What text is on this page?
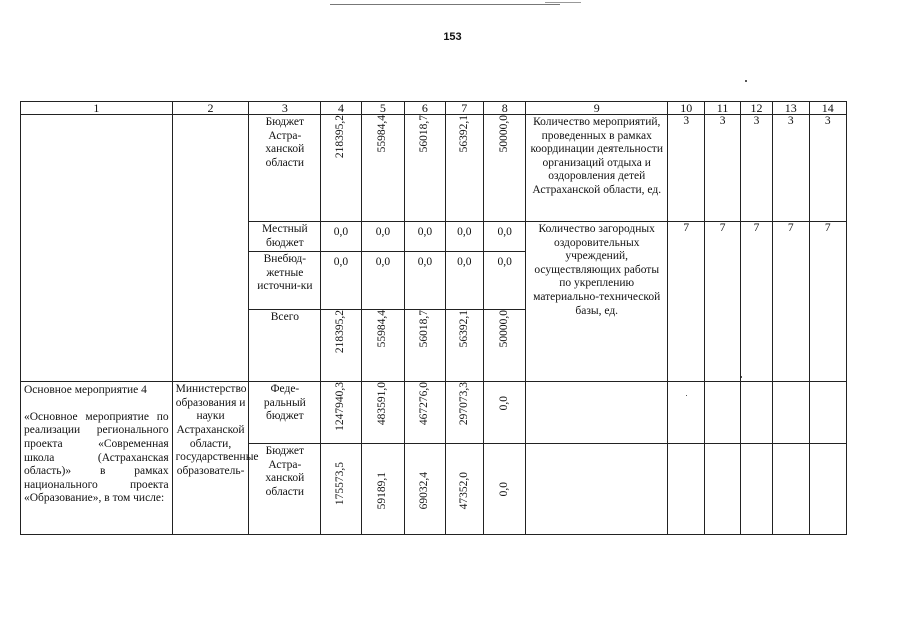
153
1	2	3	4	5	6	7	8	9	10	11	12	13	14
		Бюджет Астра-ханской области	218395,2	55984,4	56018,7	56392,1	50000,0	Количество мероприятий, проведенных в рамках координации деятельности организаций отдыха и оздоровления детей Астраханской области, ед.	3	3	3	3	3
		Местный бюджет	0,0	0,0	0,0	0,0	0,0	Количество загородных оздоровительных учреждений, осуществляющих работы по укреплению материально-технической базы, ед.	7	7	7	7	7
		Внебюд-жетные источни-ки	0,0	0,0	0,0	0,0	0,0						
		Всего	218395,2	55984,4	56018,7	56392,1	50000,0						

Основное мероприятие 4

«Основное мероприятие по реализации регионального проекта «Современная школа (Астраханская область)» в рамках национального проекта «Образование», в том числе:	Министерство образования и науки Астраханской области, государственные образователь-	Феде-ральный бюджет	1247940,3	483591,0	467276,0	297073,3	0,0						
		Бюджет Астра-ханской области	175573,5	59189,1	69032,4	47352,0	0,0						
